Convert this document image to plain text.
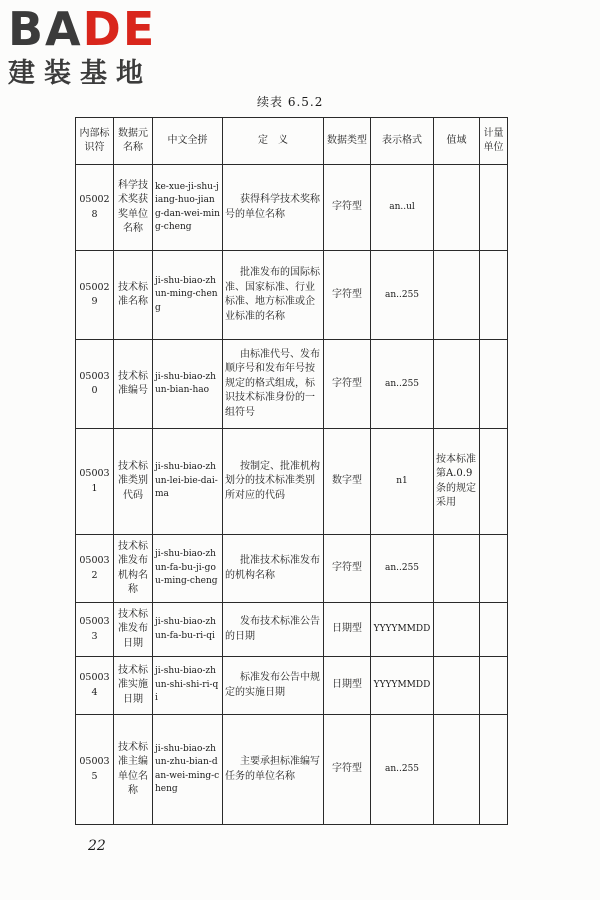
BADE
建装基地
续表 6.5.2
内部标识符	数据元名称	中文全拼	定　义	数据类型	表示格式	值域	计量单位
050028	科学技术奖获奖单位名称	ke-xue-ji-shu-jiang-huo-jiang-dan-wei-ming-cheng	获得科学技术奖称号的单位名称	字符型	an..ul		
050029	技术标准名称	ji-shu-biao-zhun-ming-cheng	批准发布的国际标准、国家标准、行业标准、地方标准或企业标准的名称	字符型	an..255		
050030	技术标准编号	ji-shu-biao-zhun-bian-hao	由标准代号、发布顺序号和发布年号按规定的格式组成，标识技术标准身份的一组符号	字符型	an..255		
050031	技术标准类别代码	ji-shu-biao-zhun-lei-bie-dai-ma	按制定、批准机构划分的技术标准类别所对应的代码	数字型	n1	按本标准第A.0.9条的规定采用	
050032	技术标准发布机构名称	ji-shu-biao-zhun-fa-bu-ji-gou-ming-cheng	批准技术标准发布的机构名称	字符型	an..255		
050033	技术标准发布日期	ji-shu-biao-zhun-fa-bu-ri-qi	发布技术标准公告的日期	日期型	YYYYMMDD		
050034	技术标准实施日期	ji-shu-biao-zhun-shi-shi-ri-qi	标准发布公告中规定的实施日期	日期型	YYYYMMDD		
050035	技术标准主编单位名称	ji-shu-biao-zhun-zhu-bian-dan-wei-ming-cheng	主要承担标准编写任务的单位名称	字符型	an..255		
22
